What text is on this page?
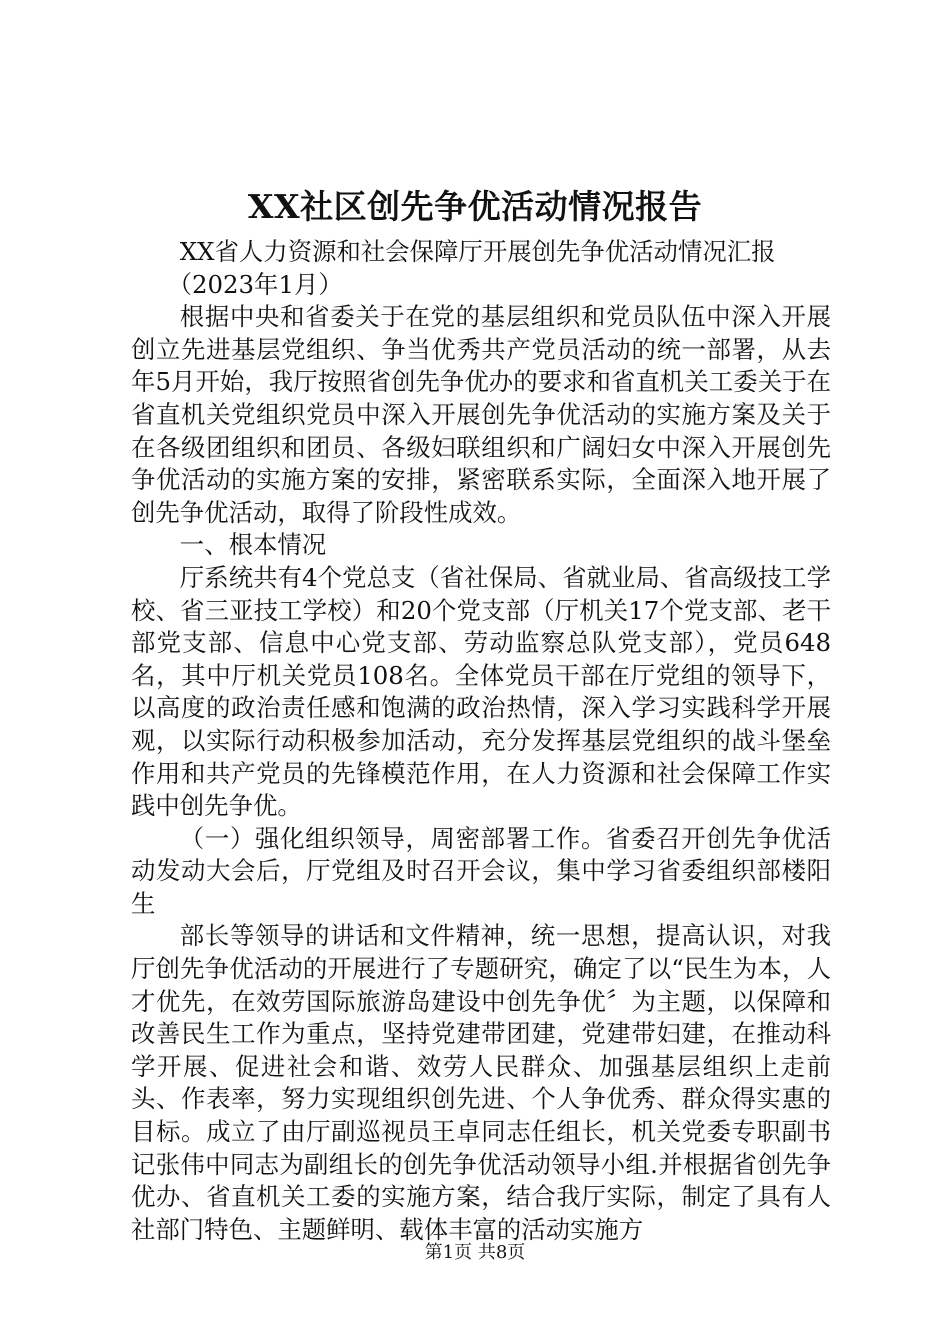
XX社区创先争优活动情况报告

XX省人力资源和社会保障厅开展创先争优活动情况汇报

（2023年1月）

根据中央和省委关于在党的基层组织和党员队伍中深入开展创立先进基层党组织、争当优秀共产党员活动的统一部署，从去年5月开始，我厅按照省创先争优办的要求和省直机关工委关于在省直机关党组织党员中深入开展创先争优活动的实施方案及关于在各级团组织和团员、各级妇联组织和广阔妇女中深入开展创先争优活动的实施方案的安排，紧密联系实际，全面深入地开展了创先争优活动，取得了阶段性成效。

一、根本情况

厅系统共有4个党总支（省社保局、省就业局、省高级技工学校、省三亚技工学校）和20个党支部（厅机关17个党支部、老干部党支部、信息中心党支部、劳动监察总队党支部），党员648名，其中厅机关党员108名。全体党员干部在厅党组的领导下，以高度的政治责任感和饱满的政治热情，深入学习实践科学开展观，以实际行动积极参加活动，充分发挥基层党组织的战斗堡垒作用和共产党员的先锋模范作用，在人力资源和社会保障工作实践中创先争优。

（一）强化组织领导，周密部署工作。省委召开创先争优活动发动大会后，厅党组及时召开会议，集中学习省委组织部楼阳生

部长等领导的讲话和文件精神，统一思想，提高认识，对我厅创先争优活动的开展进行了专题研究，确定了以“民生为本，人才优先，在效劳国际旅游岛建设中创先争优〞为主题，以保障和改善民生工作为重点，坚持党建带团建，党建带妇建，在推动科学开展、促进社会和谐、效劳人民群众、加强基层组织上走前头、作表率，努力实现组织创先进、个人争优秀、群众得实惠的目标。成立了由厅副巡视员王卓同志任组长，机关党委专职副书记张伟中同志为副组长的创先争优活动领导小组.并根据省创先争优办、省直机关工委的实施方案，结合我厅实际，制定了具有人社部门特色、主题鲜明、载体丰富的活动实施方

第1页 共8页
